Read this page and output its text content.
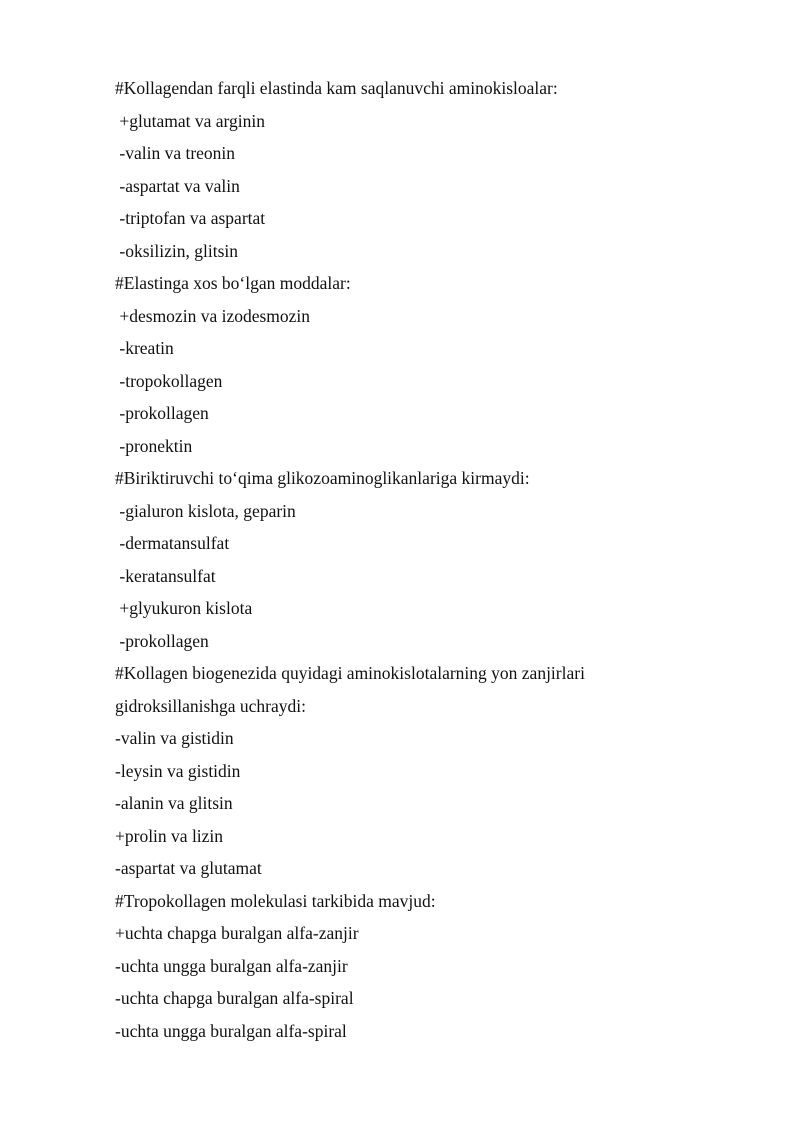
#Kollagendan farqli elastinda kam saqlanuvchi aminokisloalar:
+glutamat va arginin
-valin va treonin
-aspartat va valin
-triptofan va aspartat
-oksilizin, glitsin
#Elastinga xos boʻlgan moddalar:
+desmozin va izodesmozin
-kreatin
-tropokollagen
-prokollagen
-pronektin
#Biriktiruvchi toʻqima glikozoaminoglikanlariga kirmaydi:
-gialuron kislota, geparin
-dermatansulfat
-keratansulfat
+glyukuron kislota
-prokollagen
#Kollagen biogenezida quyidagi aminokislotalarning yon zanjirlari
gidroksillanishga uchraydi:
-valin va gistidin
-leysin va gistidin
-alanin va glitsin
+prolin va lizin
-aspartat va glutamat
#Tropokollagen molekulasi tarkibida mavjud:
+uchta chapga buralgan alfa-zanjir
-uchta ungga buralgan alfa-zanjir
-uchta chapga buralgan alfa-spiral
-uchta ungga buralgan alfa-spiral
